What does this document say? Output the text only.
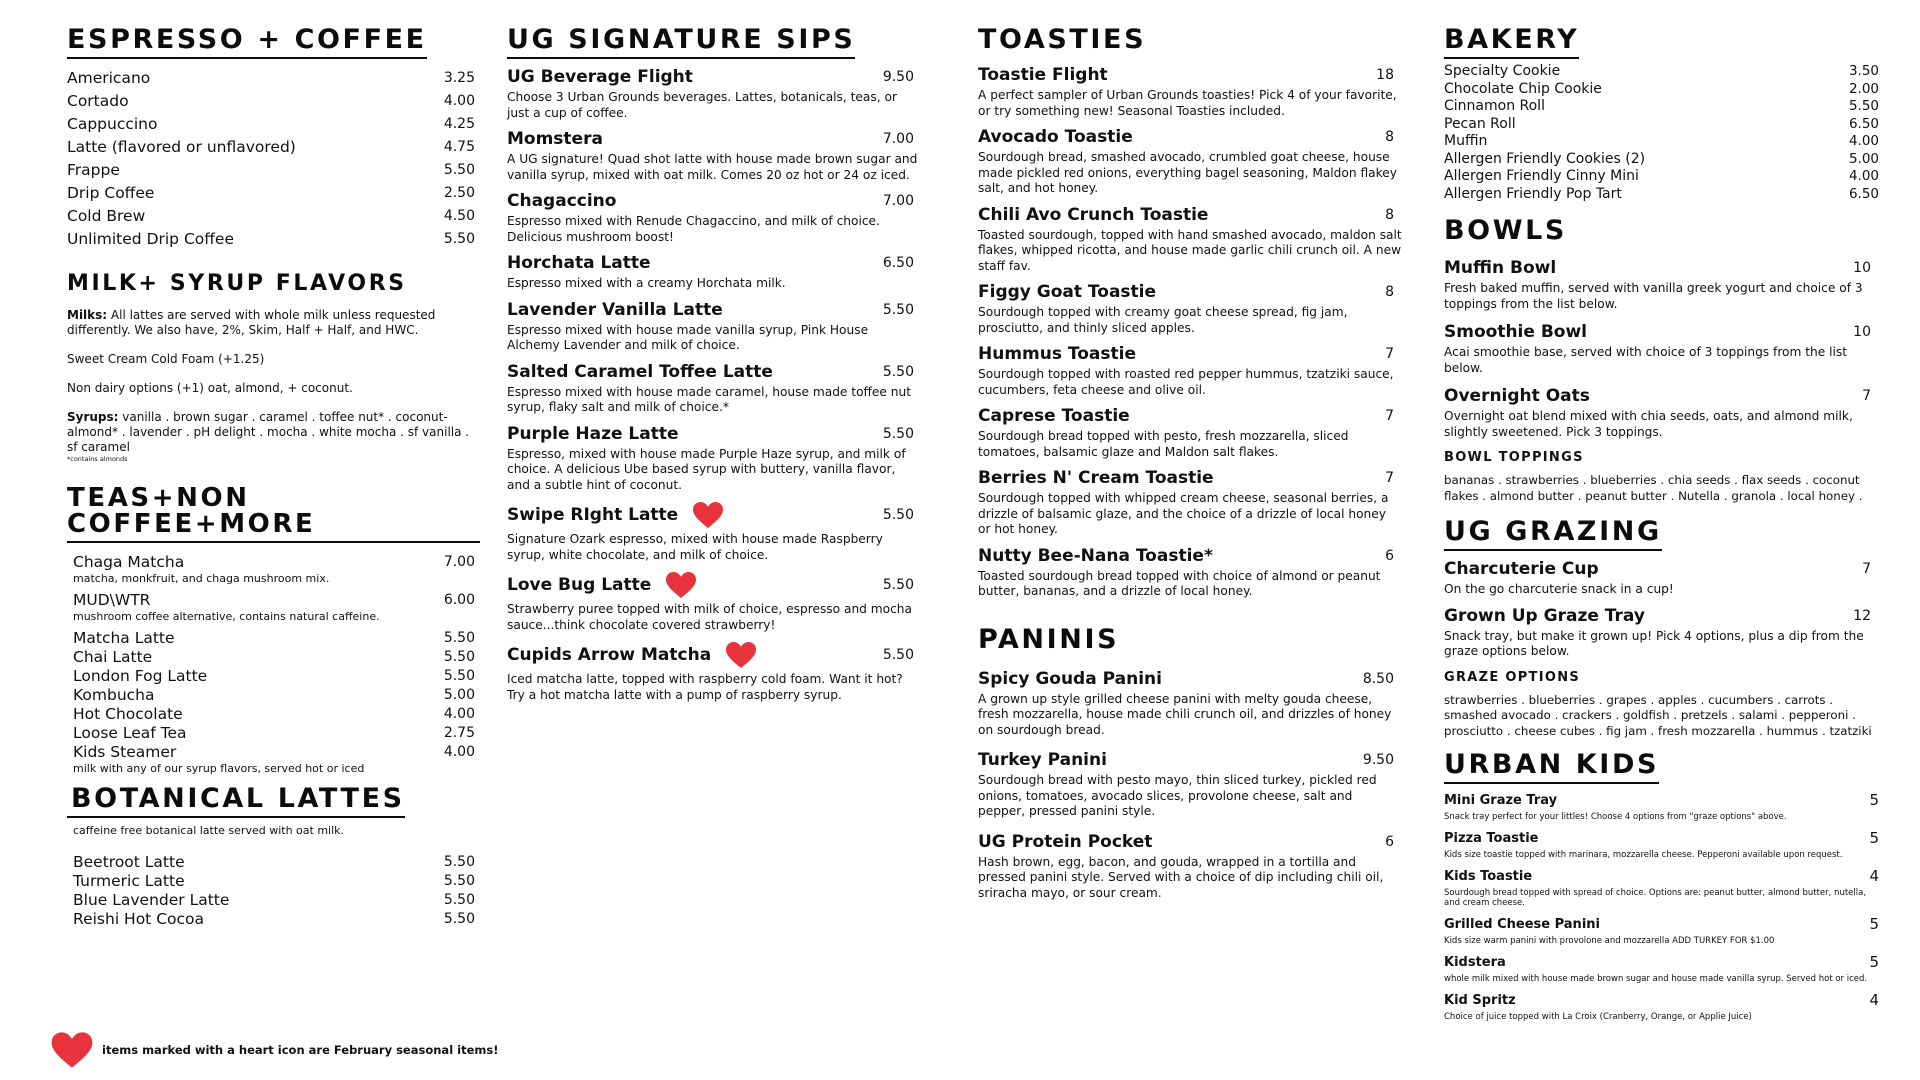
ESPRESSO + COFFEE
Americano	3.25
Cortado	4.00
Cappuccino	4.25
Latte (flavored or unflavored)	4.75
Frappe	5.50
Drip Coffee	2.50
Cold Brew	4.50
Unlimited Drip Coffee	5.50
MILK+ SYRUP FLAVORS

Milks: All lattes are served with whole milk unless requested differently. We also have, 2%, Skim, Half + Half, and HWC.

Sweet Cream Cold Foam (+1.25)

Non dairy options (+1) oat, almond, + coconut.

Syrups: vanilla . brown sugar . caramel . toffee nut* . coconut- almond* . lavender . pH delight . mocha . white mocha . sf vanilla . sf caramel

*contains almonds

TEAS+NON COFFEE+MORE
Chaga Matcha	7.00
matcha, monkfruit, and chaga mushroom mix.
MUD\WTR	6.00
mushroom coffee alternative, contains natural caffeine.
Matcha Latte	5.50
Chai Latte	5.50
London Fog Latte	5.50
Kombucha	5.00
Hot Chocolate	4.00
Loose Leaf Tea	2.75
Kids Steamer	4.00
milk with any of our syrup flavors, served hot or iced
BOTANICAL LATTES

caffeine free botanical latte served with oat milk.

Beetroot Latte	5.50
Turmeric Latte	5.50
Blue Lavender Latte	5.50
Reishi Hot Cocoa	5.50
items marked with a heart icon are February seasonal items!
UG SIGNATURE SIPS
UG Beverage Flight	9.50

Choose 3 Urban Grounds beverages. Lattes, botanicals, teas, or just a cup of coffee.

Momstera	7.00

A UG signature! Quad shot latte with house made brown sugar and vanilla syrup, mixed with oat milk. Comes 20 oz hot or 24 oz iced.

Chagaccino	7.00

Espresso mixed with Renude Chagaccino, and milk of choice. Delicious mushroom boost!

Horchata Latte	6.50

Espresso mixed with a creamy Horchata milk.

Lavender Vanilla Latte	5.50

Espresso mixed with house made vanilla syrup, Pink House Alchemy Lavender and milk of choice.

Salted Caramel Toffee Latte	5.50

Espresso mixed with house made caramel, house made toffee nut syrup, flaky salt and milk of choice.*

Purple Haze Latte	5.50

Espresso, mixed with house made Purple Haze syrup, and milk of choice. A delicious Ube based syrup with buttery, vanilla flavor, and a subtle hint of coconut.

Swipe RIght Latte	5.50

Signature Ozark espresso, mixed with house made Raspberry syrup, white chocolate, and milk of choice.

Love Bug Latte	5.50

Strawberry puree topped with milk of choice, espresso and mocha sauce...think chocolate covered strawberry!

Cupids Arrow Matcha	5.50

Iced matcha latte, topped with raspberry cold foam. Want it hot? Try a hot matcha latte with a pump of raspberry syrup.

TOASTIES
Toastie Flight	18

A perfect sampler of Urban Grounds toasties! Pick 4 of your favorite, or try something new! Seasonal Toasties included.

Avocado Toastie	8

Sourdough bread, smashed avocado, crumbled goat cheese, house made pickled red onions, everything bagel seasoning, Maldon flakey salt, and hot honey.

Chili Avo Crunch Toastie	8

Toasted sourdough, topped with hand smashed avocado, maldon salt flakes, whipped ricotta, and house made garlic chili crunch oil. A new staff fav.

Figgy Goat Toastie	8

Sourdough topped with creamy goat cheese spread, fig jam, prosciutto, and thinly sliced apples.

Hummus Toastie	7

Sourdough topped with roasted red pepper hummus, tzatziki sauce, cucumbers, feta cheese and olive oil.

Caprese Toastie	7

Sourdough bread topped with pesto, fresh mozzarella, sliced tomatoes, balsamic glaze and Maldon salt flakes.

Berries N' Cream Toastie	7

Sourdough topped with whipped cream cheese, seasonal berries, a drizzle of balsamic glaze, and the choice of a drizzle of local honey or hot honey.

Nutty Bee-Nana Toastie*	6

Toasted sourdough bread topped with choice of almond or peanut butter, bananas, and a drizzle of local honey.

PANINIS
Spicy Gouda Panini	8.50

A grown up style grilled cheese panini with melty gouda cheese, fresh mozzarella, house made chili crunch oil, and drizzles of honey on sourdough bread.

Turkey Panini	9.50

Sourdough bread with pesto mayo, thin sliced turkey, pickled red onions, tomatoes, avocado slices, provolone cheese, salt and pepper, pressed panini style.

UG Protein Pocket	6

Hash brown, egg, bacon, and gouda, wrapped in a tortilla and pressed panini style. Served with a choice of dip including chili oil, sriracha mayo, or sour cream.

BAKERY
Specialty Cookie	3.50
Chocolate Chip Cookie	2.00
Cinnamon Roll	5.50
Pecan Roll	6.50
Muffin	4.00
Allergen Friendly Cookies (2)	5.00
Allergen Friendly Cinny Mini	4.00
Allergen Friendly Pop Tart	6.50
BOWLS
Muffin Bowl	10

Fresh baked muffin, served with vanilla greek yogurt and choice of 3 toppings from the list below.

Smoothie Bowl	10

Acai smoothie base, served with choice of 3 toppings from the list below.

Overnight Oats	7

Overnight oat blend mixed with chia seeds, oats, and almond milk, slightly sweetened. Pick 3 toppings.

BOWL TOPPINGS

bananas . strawberries . blueberries . chia seeds . flax seeds . coconut flakes . almond butter . peanut butter . Nutella . granola . local honey .

UG GRAZING
Charcuterie Cup	7

On the go charcuterie snack in a cup!

Grown Up Graze Tray	12

Snack tray, but make it grown up! Pick 4 options, plus a dip from the graze options below.

GRAZE OPTIONS

strawberries . blueberries . grapes . apples . cucumbers . carrots . smashed avocado . crackers . goldfish . pretzels . salami . pepperoni . prosciutto . cheese cubes . fig jam . fresh mozzarella . hummus . tzatziki

URBAN KIDS
Mini Graze Tray	5

Snack tray perfect for your littles! Choose 4 options from "graze options" above.

Pizza Toastie	5

Kids size toastie topped with marinara, mozzarella cheese. Pepperoni available upon request.

Kids Toastie	4

Sourdough bread topped with spread of choice. Options are: peanut butter, almond butter, nutella, and cream cheese.

Grilled Cheese Panini	5

Kids size warm panini with provolone and mozzarella ADD TURKEY FOR $1.00

Kidstera	5

whole milk mixed with house made brown sugar and house made vanilla syrup. Served hot or iced.

Kid Spritz	4

Choice of juice topped with La Croix (Cranberry, Orange, or Applie Juice)
